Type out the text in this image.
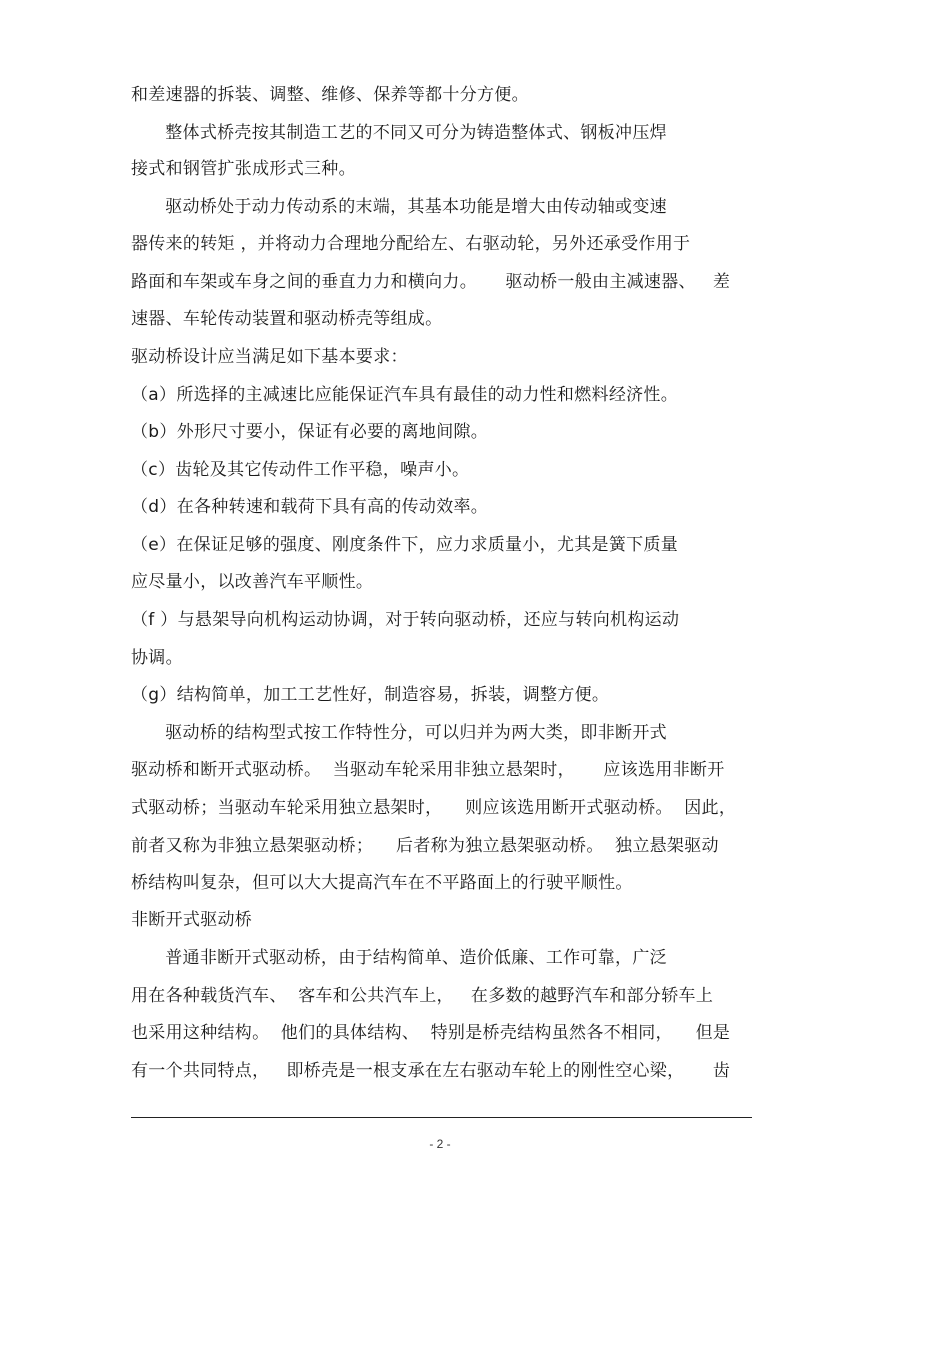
和差速器的拆装、调整、维修、保养等都十分方便。
整体式桥壳按其制造工艺的不同又可分为铸造整体式、钢板冲压焊
接式和钢管扩张成形式三种。
驱动桥处于动力传动系的末端，其基本功能是增大由传动轴或变速
器传来的转矩 ，并将动力合理地分配给左、右驱动轮，另外还承受作用于
路面和车架或车身之间的垂直力力和横向力。     驱动桥一般由主减速器、   差
速器、车轮传动装置和驱动桥壳等组成。
驱动桥设计应当满足如下基本要求：
（a）所选择的主减速比应能保证汽车具有最佳的动力性和燃料经济性。
（b）外形尺寸要小，保证有必要的离地间隙。
（c）齿轮及其它传动件工作平稳，噪声小。
（d）在各种转速和载荷下具有高的传动效率。
（e）在保证足够的强度、刚度条件下，应力求质量小，尤其是簧下质量
应尽量小，以改善汽车平顺性。
（f ）与悬架导向机构运动协调，对于转向驱动桥，还应与转向机构运动
协调。
（g）结构简单，加工工艺性好，制造容易，拆装，调整方便。
驱动桥的结构型式按工作特性分，可以归并为两大类，即非断开式
驱动桥和断开式驱动桥。  当驱动车轮采用非独立悬架时，     应该选用非断开
式驱动桥；当驱动车轮采用独立悬架时，    则应该选用断开式驱动桥。  因此，
前者又称为非独立悬架驱动桥；    后者称为独立悬架驱动桥。  独立悬架驱动
桥结构叫复杂，但可以大大提高汽车在不平路面上的行驶平顺性。
非断开式驱动桥
普通非断开式驱动桥，由于结构简单、造价低廉、工作可靠，广泛
用在各种载货汽车、  客车和公共汽车上，   在多数的越野汽车和部分轿车上
也采用这种结构。  他们的具体结构、  特别是桥壳结构虽然各不相同，    但是
有一个共同特点，   即桥壳是一根支承在左右驱动车轮上的刚性空心梁，     齿
- 2 -
